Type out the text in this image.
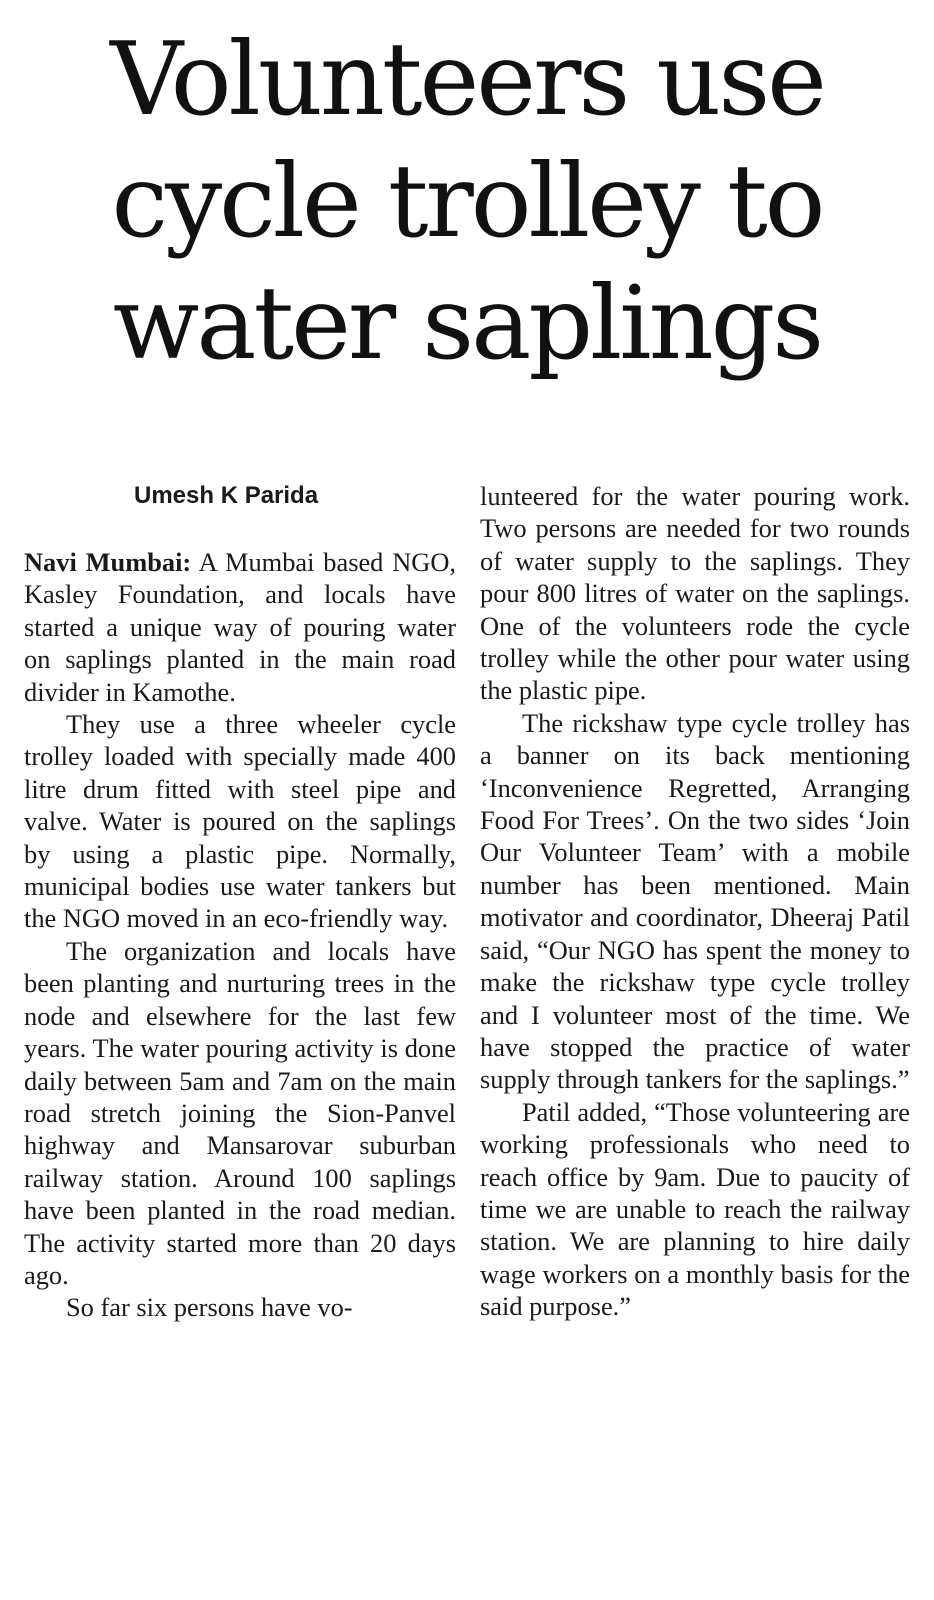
Volunteers use
cycle trolley to
water saplings
Umesh K Parida

Navi Mumbai: A Mumbai based NGO, Kasley Foundation, and locals have started a unique way of pouring water on saplings planted in the main road divider in Kamothe.

They use a three wheeler cycle trolley loaded with specially made 400 litre drum fitted with steel pipe and valve. Water is poured on the saplings by using a plastic pipe. Normally, municipal bodies use water tankers but the NGO moved in an eco-friendly way.

The organization and locals have been planting and nurturing trees in the node and elsewhere for the last few years. The water pouring activity is done daily between 5am and 7am on the main road stretch joining the Sion-Panvel highway and Mansarovar suburban railway station. Around 100 saplings have been planted in the road median. The activity started more than 20 days ago.

So far six persons have vo-

lunteered for the water pouring work. Two persons are needed for two rounds of water supply to the saplings. They pour 800 litres of water on the saplings. One of the volunteers rode the cycle trolley while the other pour water using the plastic pipe.

The rickshaw type cycle trolley has a banner on its back mentioning ‘Inconvenience Regretted, Arranging Food For Trees’. On the two sides ‘Join Our Volunteer Team’ with a mobile number has been mentioned. Main motivator and coordinator, Dheeraj Patil said, “Our NGO has spent the money to make the rickshaw type cycle trolley and I volunteer most of the time. We have stopped the practice of water supply through tankers for the saplings.”

Patil added, “Those volunteering are working professionals who need to reach office by 9am. Due to paucity of time we are unable to reach the railway station. We are planning to hire daily wage workers on a monthly basis for the said purpose.”
